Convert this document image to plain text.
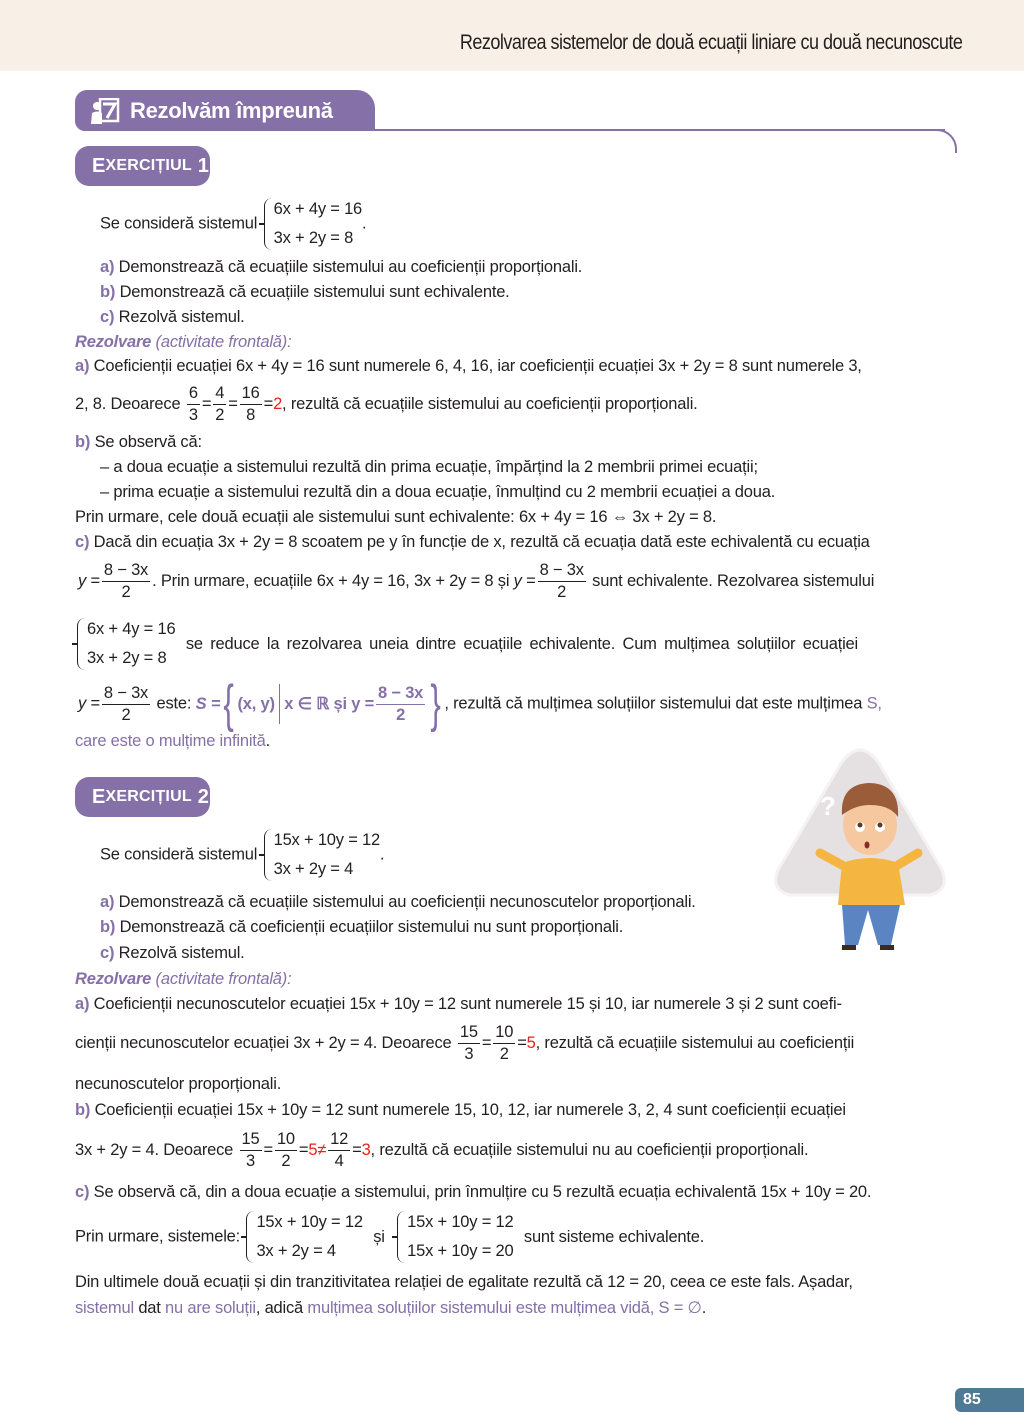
Rezolvarea sistemelor de două ecuații liniare cu două necunoscute
Rezolvăm împreună
E XERCIȚIUL 1
Se consideră sistemul
6x + 4y = 16
3x + 2y = 8
.
a) Demonstrează că ecuațiile sistemului au coeficienții proporționali.
b) Demonstrează că ecuațiile sistemului sunt echivalente.
c) Rezolvă sistemul.
Rezolvare (activitate frontală):
a) Coeficienții ecuației 6x + 4y = 16 sunt numerele 6, 4, 16, iar coeficienții ecuației 3x + 2y = 8 sunt numerele 3,
2, 8. Deoarece $\frac{6}{3} = \frac{4}{2} = \frac{16}{8} =2$, rezultă că ecuațiile sistemului au coeficienții proporționali.
b) Se observă că:
– a doua ecuație a sistemului rezultă din prima ecuație, împărțind la 2 membrii primei ecuații;
– prima ecuație a sistemului rezultă din a doua ecuație, înmulțind cu 2 membrii ecuației a doua.
Prin urmare, cele două ecuații ale sistemului sunt echivalente: 6x + 4y = 16 ⇔ 3x + 2y = 8.
c) Dacă din ecuația 3x + 2y = 8 scoatem pe y în funcție de x, rezultă că ecuația dată este echivalentă cu ecuația
$y = \frac{8 - 3x}{2}$ . Prin urmare, ecuațiile 6x + 4y = 16, 3x + 2y = 8 și $y = \frac{8 - 3x}{2}$ sunt echivalente. Rezolvarea sistemului
6x + 4y = 16
3x + 2y = 8
se reduce la rezolvarea uneia dintre ecuațiile echivalente. Cum mulțimea soluțiilor ecuației
$y = \frac{8 - 3x}{2}$ este: S = { (x, y) x ∈ ℝ și $y = \frac{8 - 3x}{2}$ } , rezultă că mulțimea soluțiilor sistemului dat este mulțimea S,
care este o mulțime infinită.
E XERCIȚIUL 2
Se consideră sistemul
15x + 10y = 12
3x + 2y = 4
.
a) Demonstrează că ecuațiile sistemului au coeficienții necunoscutelor proporționali.
b) Demonstrează că coeficienții ecuațiilor sistemului nu sunt proporționali.
c) Rezolvă sistemul.
Rezolvare (activitate frontală):
a) Coeficienții necunoscutelor ecuației 15x + 10y = 12 sunt numerele 15 și 10, iar numerele 3 și 2 sunt coefi-
cienții necunoscutelor ecuației 3x + 2y = 4. Deoarece $\frac{15}{3} = \frac{10}{2} =5$, rezultă că ecuațiile sistemului au coeficienții
necunoscutelor proporționali.
b) Coeficienții ecuației 15x + 10y = 12 sunt numerele 15, 10, 12, iar numerele 3, 2, 4 sunt coeficienții ecuației
3x + 2y = 4. Deoarece $\frac{15}{3} = \frac{10}{2} =5\ne \frac{12}{4} =3$, rezultă că ecuațiile sistemului nu au coeficienții proporționali.
c) Se observă că, din a doua ecuație a sistemului, prin înmulțire cu 5 rezultă ecuația echivalentă 15x + 10y = 20.
Prin urmare, sistemele:
15x + 10y = 12
3x + 2y = 4
și
15x + 10y = 12
15x + 10y = 20
sunt sisteme echivalente.
Din ultimele două ecuații și din tranzitivitatea relației de egalitate rezultă că 12 = 20, ceea ce este fals. Așadar,
sistemul dat nu are soluții, adică mulțimea soluțiilor sistemului este mulțimea vidă, S = ∅.
?
85
